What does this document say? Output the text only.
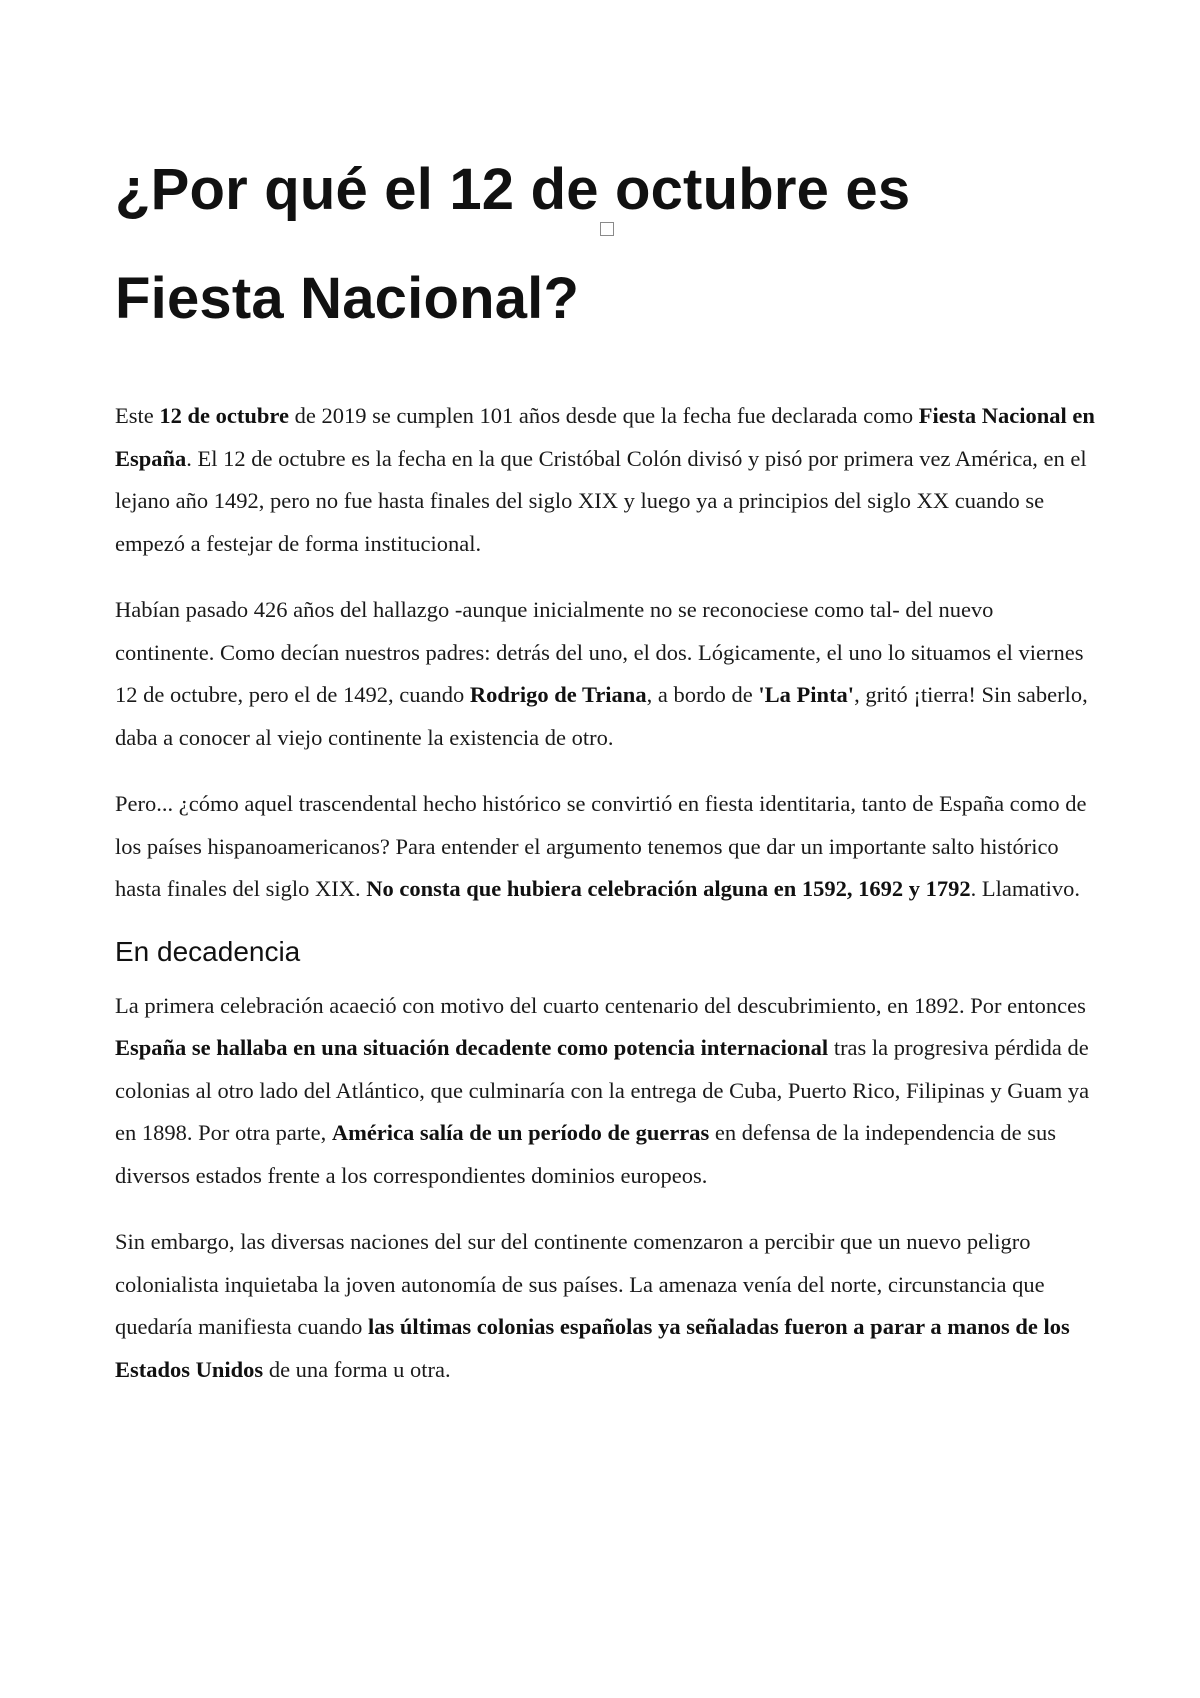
¿Por qué el 12 de octubre es Fiesta Nacional?

Este 12 de octubre de 2019 se cumplen 101 años desde que la fecha fue declarada como Fiesta Nacional en España. El 12 de octubre es la fecha en la que Cristóbal Colón divisó y pisó por primera vez América, en el lejano año 1492, pero no fue hasta finales del siglo XIX y luego ya a principios del siglo XX cuando se empezó a festejar de forma institucional.

Habían pasado 426 años del hallazgo -aunque inicialmente no se reconociese como tal- del nuevo continente. Como decían nuestros padres: detrás del uno, el dos. Lógicamente, el uno lo situamos el viernes 12 de octubre, pero el de 1492, cuando Rodrigo de Triana, a bordo de 'La Pinta', gritó ¡tierra! Sin saberlo, daba a conocer al viejo continente la existencia de otro.

Pero... ¿cómo aquel trascendental hecho histórico se convirtió en fiesta identitaria, tanto de España como de los países hispanoamericanos? Para entender el argumento tenemos que dar un importante salto histórico hasta finales del siglo XIX. No consta que hubiera celebración alguna en 1592, 1692 y 1792. Llamativo.

En decadencia

La primera celebración acaeció con motivo del cuarto centenario del descubrimiento, en 1892. Por entonces España se hallaba en una situación decadente como potencia internacional tras la progresiva pérdida de colonias al otro lado del Atlántico, que culminaría con la entrega de Cuba, Puerto Rico, Filipinas y Guam ya en 1898. Por otra parte, América salía de un período de guerras en defensa de la independencia de sus diversos estados frente a los correspondientes dominios europeos.

Sin embargo, las diversas naciones del sur del continente comenzaron a percibir que un nuevo peligro colonialista inquietaba la joven autonomía de sus países. La amenaza venía del norte, circunstancia que quedaría manifiesta cuando las últimas colonias españolas ya señaladas fueron a parar a manos de los Estados Unidos de una forma u otra.
